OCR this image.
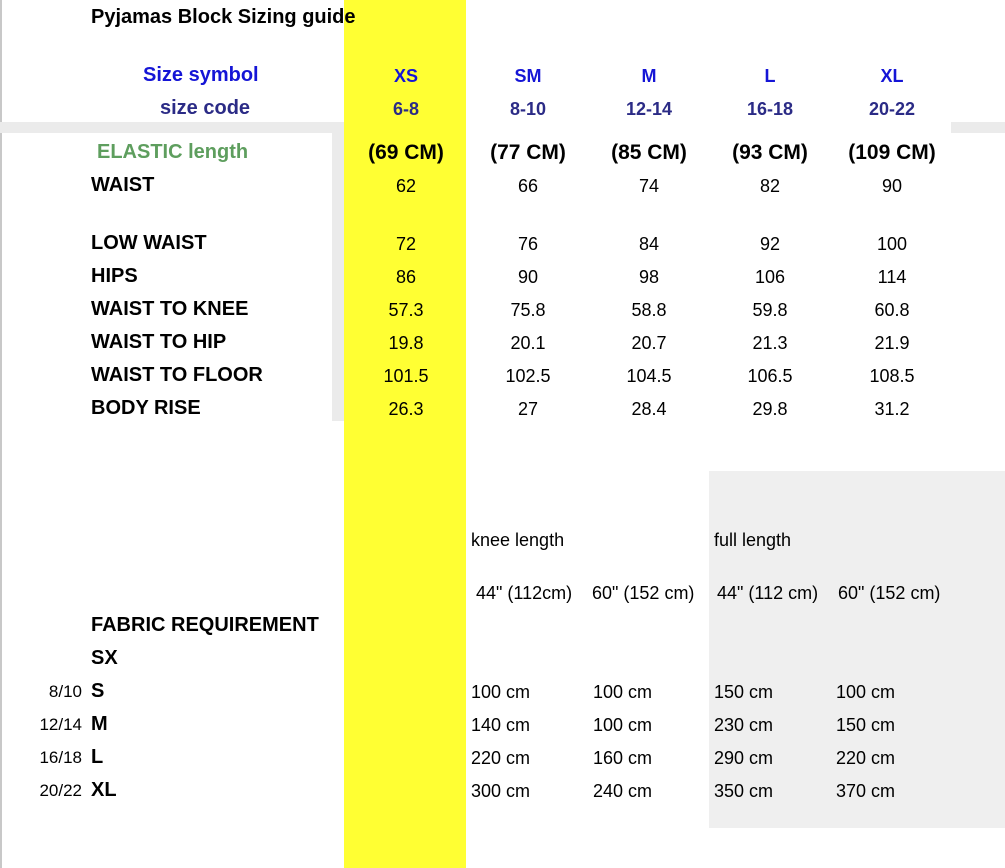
Pyjamas Block Sizing guide
Size symbol
size code
XS	SM	M	L	XL
6-8	8-10	12-14	16-18	20-22
ELASTIC length	(69 CM)	(77 CM)	(85 CM)	(93 CM)	(109 CM)
WAIST	62	66	74	82	90
LOW WAIST	72	76	84	92	100
HIPS	86	90	98	106	114
WAIST TO KNEE	57.3	75.8	58.8	59.8	60.8
WAIST TO HIP	19.8	20.1	20.7	21.3	21.9
WAIST TO FLOOR	101.5	102.5	104.5	106.5	108.5
BODY RISE	26.3	27	28.4	29.8	31.2
knee length	full length
44" (112cm) 60" (152 cm) 44" (112 cm) 60" (152 cm)
FABRIC REQUIREMENT
SX
8/10 S	100 cm	100 cm	150 cm	100 cm
12/14 M	140 cm	100 cm	230 cm	150 cm
16/18 L	220 cm	160 cm	290 cm	220 cm
20/22 XL	300 cm	240 cm	350 cm	370 cm
